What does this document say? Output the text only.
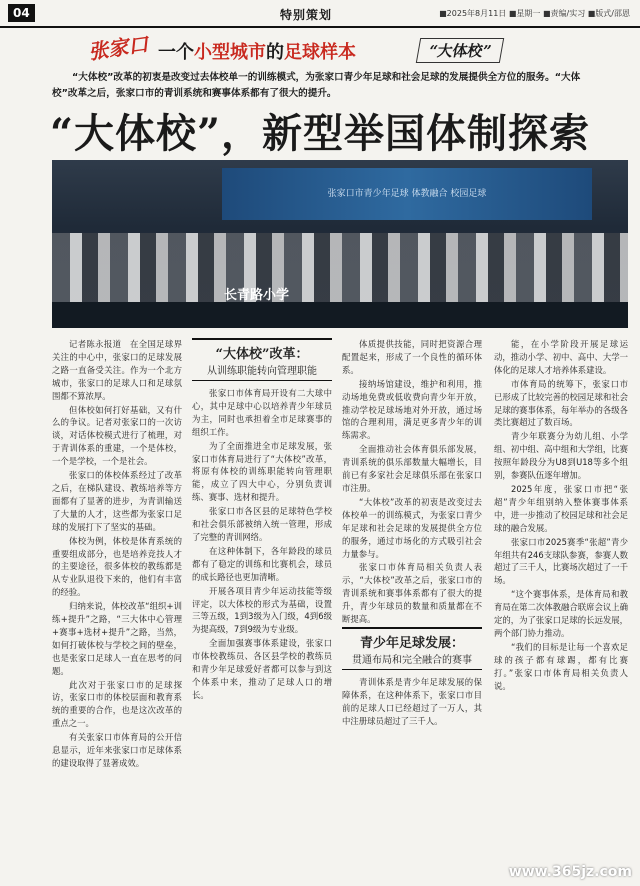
04	特别策划	■2025年8月11日 ■星期一 ■责编/实习 ■版式/邵恩
张家口 一个小型城市的足球样本	“大体校”
“大体校”改革的初衷是改变过去体校单一的训练模式，为张家口青少年足球和社会足球的发展提供全方位的服务。“大体校”改革之后，张家口市的青训系统和赛事体系都有了很大的提升。
“大体校”，新型举国体制探索
张家口市青少年足球 体教融合 校园足球
长青路小学

记者陈永报道　在全国足球界关注的中心中，张家口的足球发展之路一直备受关注。作为一个北方城市，张家口的足球人口和足球氛围都不算浓厚。

但体校如何打好基础，又有什么的争议。记者对张家口的一次访谈，对话体校模式进行了梳理，对于青训体系的重建，一个是体校，一个是学校，一个是社会。

张家口的体校体系经过了改革之后，在梯队建设、教练培养等方面都有了显著的进步，为青训输送了大量的人才，这些都为张家口足球的发展打下了坚实的基础。

体校为例，体校是体育系统的重要组成部分，也是培养竞技人才的主要途径，很多体校的教练都是从专业队退役下来的，他们有丰富的经验。

归纳来说，体校改革“组织+训练+提升”之路，“三大体中心管理+赛事+选材+提升”之路，当然，如何打破体校与学校之间的壁垒，也是张家口足球人一直在思考的问题。

此次对于张家口市的足球探访，张家口市的体校层面和教育系统的重要的合作，也是这次改革的重点之一。

有关张家口市体育局的公开信息显示，近年来张家口市足球体系的建设取得了显著成效。

“大体校”改革：
从训练职能转向管理职能

张家口市体育局开设有二大球中心，其中足球中心以培养青少年球员为主，同时也承担着全市足球赛事的组织工作。

为了全面推进全市足球发展，张家口市体育局进行了“大体校”改革，将原有体校的训练职能转向管理职能，成立了四大中心，分别负责训练、赛事、选材和提升。

张家口市各区县的足球特色学校和社会俱乐部被纳入统一管理，形成了完整的青训网络。

在这种体制下，各年龄段的球员都有了稳定的训练和比赛机会，球员的成长路径也更加清晰。

开展各项目青少年运动技能等级评定，以大体校的形式为基础，设置三等五级，1到3级为入门级，4到6级为提高级，7到9级为专业级。

全面加强赛事体系建设，张家口市体校教练员、各区县学校的教练员和青少年足球爱好者都可以参与到这个体系中来，推动了足球人口的增长。

体质提供技能，同时把资源合理配置起来，形成了一个良性的循环体系。

接纳场馆建设，维护和利用，推动场地免费或低收费向青少年开放，推动学校足球场地对外开放，通过场馆的合理利用，满足更多青少年的训练需求。

全面推动社会体育俱乐部发展，青训系统的俱乐部数量大幅增长，目前已有多家社会足球俱乐部在张家口市注册。

“大体校”改革的初衷是改变过去体校单一的训练模式，为张家口青少年足球和社会足球的发展提供全方位的服务，通过市场化的方式吸引社会力量参与。

张家口市体育局相关负责人表示，“大体校”改革之后，张家口市的青训系统和赛事体系都有了很大的提升，青少年球员的数量和质量都在不断提高。

青少年足球发展：
贯通布局和完全融合的赛事

青训体系是青少年足球发展的保障体系，在这种体系下，张家口市目前的足球人口已经超过了一万人，其中注册球员超过了三千人。

能，在小学阶段开展足球运动，推动小学、初中、高中、大学一体化的足球人才培养体系建设。

市体育局的统筹下，张家口市已形成了比较完善的校园足球和社会足球的赛事体系，每年举办的各级各类比赛超过了数百场。

青少年联赛分为幼儿组、小学组、初中组、高中组和大学组，比赛按照年龄段分为U8到U18等多个组别，参赛队伍逐年增加。

2025年度，张家口市把“张超”青少年组别纳入整体赛事体系中，进一步推动了校园足球和社会足球的融合发展。

张家口市2025赛季“张超”青少年组共有246支球队参赛，参赛人数超过了三千人，比赛场次超过了一千场。

“这个赛事体系，是体育局和教育局在第二次体教融合联席会议上确定的，为了张家口足球的长远发展，两个部门协力推动。

“我们的目标是让每一个喜欢足球的孩子都有球踢，都有比赛打。”张家口市体育局相关负责人说。

www.365jz.com
